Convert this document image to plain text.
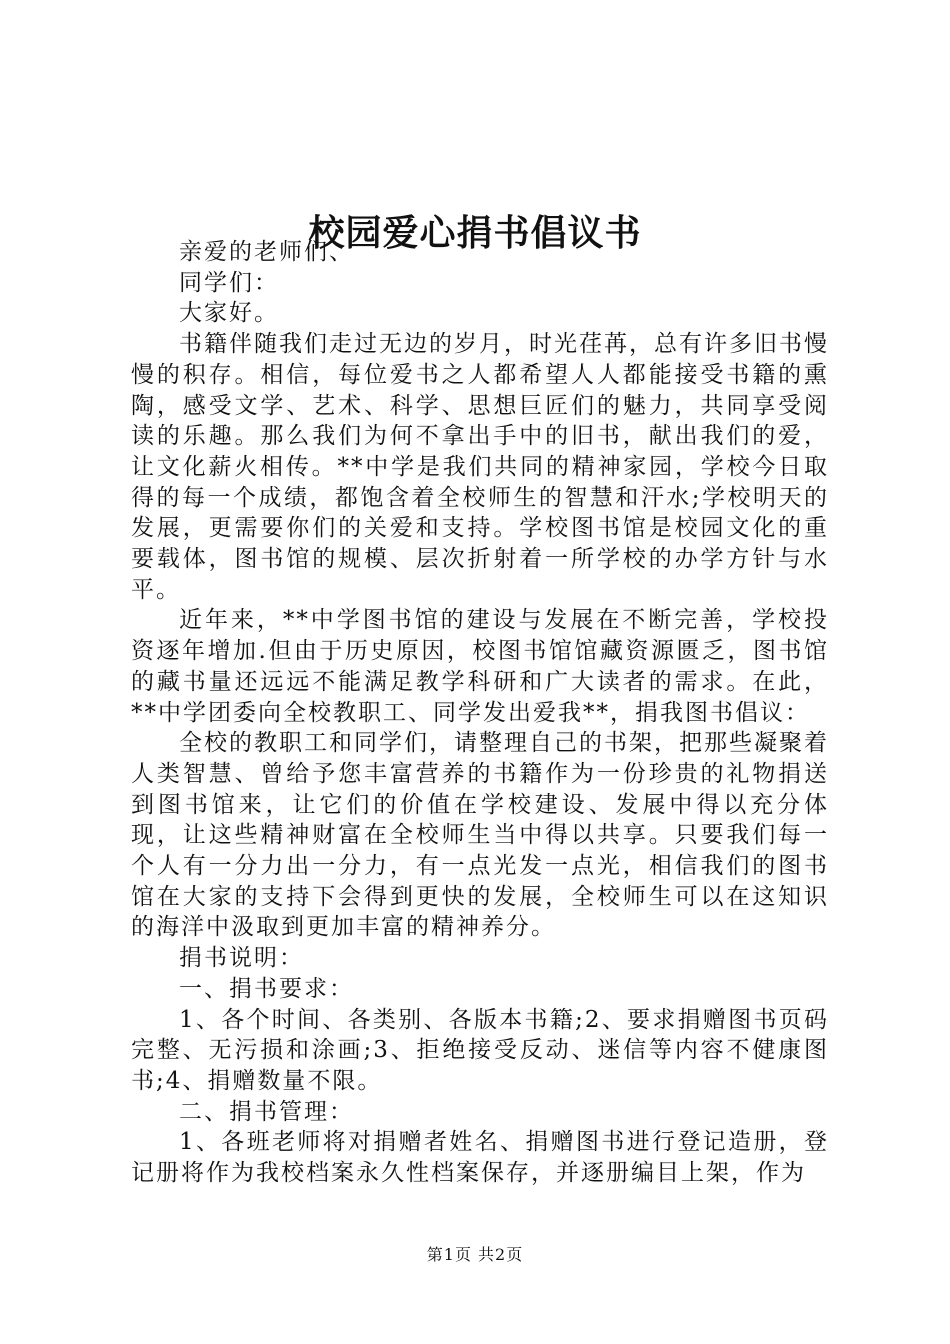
校园爱心捐书倡议书

亲爱的老师们、

同学们：

大家好。

书籍伴随我们走过无边的岁月，时光荏苒，总有许多旧书慢慢的积存。相信，每位爱书之人都希望人人都能接受书籍的熏陶，感受文学、艺术、科学、思想巨匠们的魅力，共同享受阅读的乐趣。那么我们为何不拿出手中的旧书，献出我们的爱，让文化薪火相传。**中学是我们共同的精神家园，学校今日取得的每一个成绩，都饱含着全校师生的智慧和汗水;学校明天的发展，更需要你们的关爱和支持。学校图书馆是校园文化的重要载体，图书馆的规模、层次折射着一所学校的办学方针与水平。

近年来，**中学图书馆的建设与发展在不断完善，学校投资逐年增加.但由于历史原因，校图书馆馆藏资源匮乏，图书馆的藏书量还远远不能满足教学科研和广大读者的需求。在此，**中学团委向全校教职工、同学发出爱我**，捐我图书倡议：

全校的教职工和同学们，请整理自己的书架，把那些凝聚着人类智慧、曾给予您丰富营养的书籍作为一份珍贵的礼物捐送到图书馆来，让它们的价值在学校建设、发展中得以充分体现，让这些精神财富在全校师生当中得以共享。只要我们每一个人有一分力出一分力，有一点光发一点光，相信我们的图书馆在大家的支持下会得到更快的发展，全校师生可以在这知识的海洋中汲取到更加丰富的精神养分。

捐书说明：

一、捐书要求：

1、各个时间、各类别、各版本书籍;2、要求捐赠图书页码完整、无污损和涂画;3、拒绝接受反动、迷信等内容不健康图书;4、捐赠数量不限。

二、捐书管理：

1、各班老师将对捐赠者姓名、捐赠图书进行登记造册，登记册将作为我校档案永久性档案保存，并逐册编目上架，作为

第1页 共2页
